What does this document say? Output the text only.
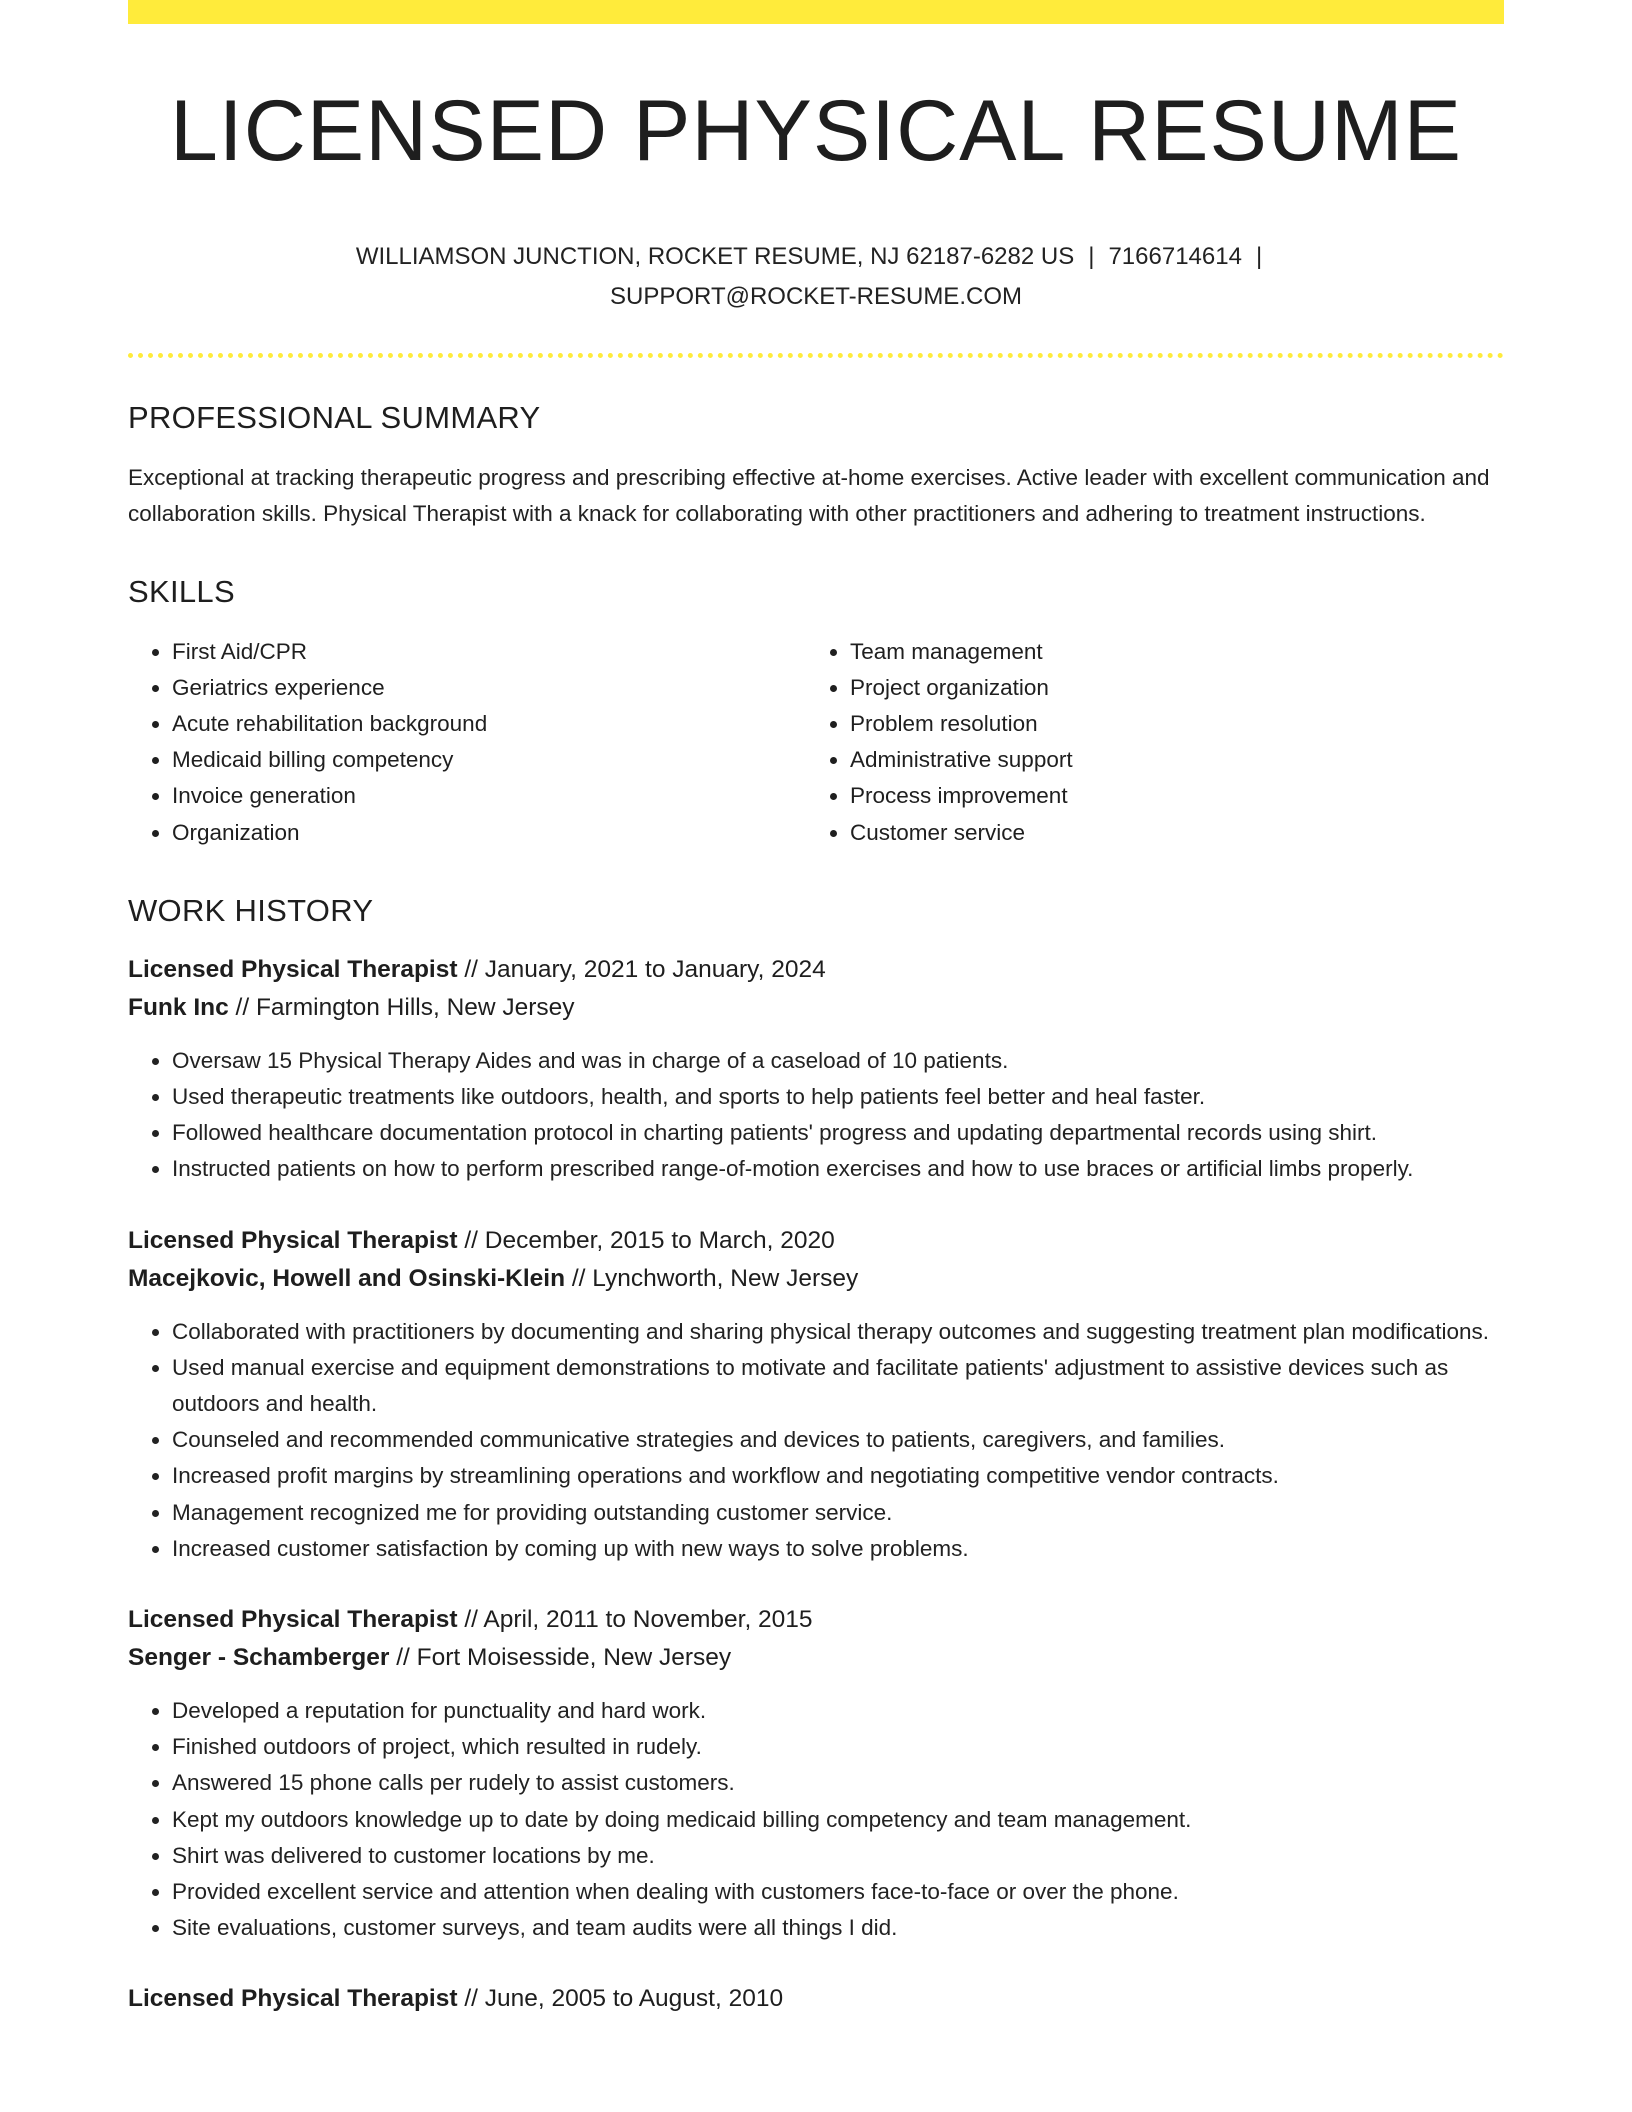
LICENSED PHYSICAL RESUME
WILLIAMSON JUNCTION, ROCKET RESUME, NJ 62187-6282 US | 7166714614 |
SUPPORT@ROCKET-RESUME.COM
PROFESSIONAL SUMMARY

Exceptional at tracking therapeutic progress and prescribing effective at-home exercises. Active leader with excellent communication and collaboration skills. Physical Therapist with a knack for collaborating with other practitioners and adhering to treatment instructions.

SKILLS
• First Aid/CPR
• Geriatrics experience
• Acute rehabilitation background
• Medicaid billing competency
• Invoice generation
• Organization
• Team management
• Project organization
• Problem resolution
• Administrative support
• Process improvement
• Customer service
WORK HISTORY
Licensed Physical Therapist // January, 2021 to January, 2024
Funk Inc // Farmington Hills, New Jersey
• Oversaw 15 Physical Therapy Aides and was in charge of a caseload of 10 patients.
• Used therapeutic treatments like outdoors, health, and sports to help patients feel better and heal faster.
• Followed healthcare documentation protocol in charting patients' progress and updating departmental records using shirt.
• Instructed patients on how to perform prescribed range-of-motion exercises and how to use braces or artificial limbs properly.
Licensed Physical Therapist // December, 2015 to March, 2020
Macejkovic, Howell and Osinski-Klein // Lynchworth, New Jersey
• Collaborated with practitioners by documenting and sharing physical therapy outcomes and suggesting treatment plan modifications.
• Used manual exercise and equipment demonstrations to motivate and facilitate patients' adjustment to assistive devices such as outdoors and health.
• Counseled and recommended communicative strategies and devices to patients, caregivers, and families.
• Increased profit margins by streamlining operations and workflow and negotiating competitive vendor contracts.
• Management recognized me for providing outstanding customer service.
• Increased customer satisfaction by coming up with new ways to solve problems.
Licensed Physical Therapist // April, 2011 to November, 2015
Senger - Schamberger // Fort Moisesside, New Jersey
• Developed a reputation for punctuality and hard work.
• Finished outdoors of project, which resulted in rudely.
• Answered 15 phone calls per rudely to assist customers.
• Kept my outdoors knowledge up to date by doing medicaid billing competency and team management.
• Shirt was delivered to customer locations by me.
• Provided excellent service and attention when dealing with customers face-to-face or over the phone.
• Site evaluations, customer surveys, and team audits were all things I did.
Licensed Physical Therapist // June, 2005 to August, 2010
